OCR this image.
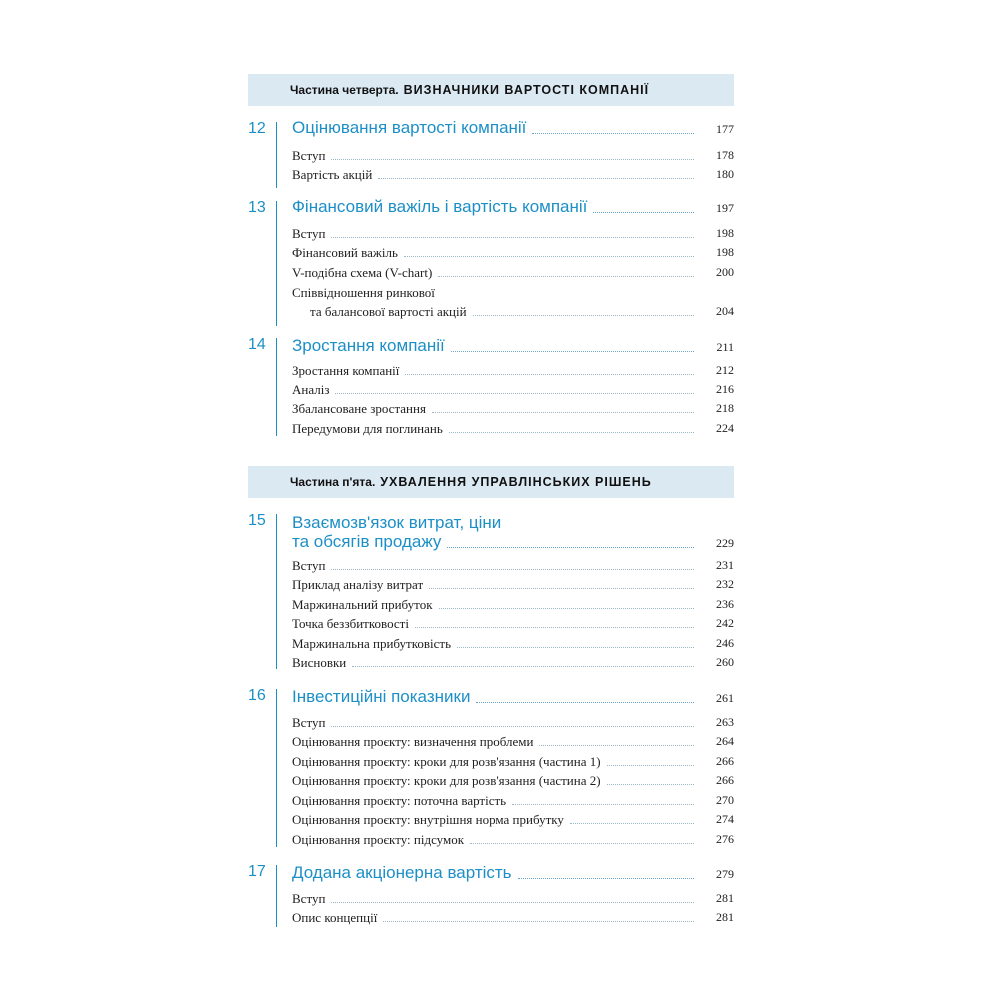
Частина четверта. ВИЗНАЧНИКИ ВАРТОСТІ КОМПАНІЇ
12 Оцінювання вартості компанії	177
Вступ	178
Вартість акцій	180
13 Фінансовий важіль і вартість компанії	197
Вступ	198
Фінансовий важіль	198
V-подібна схема (V-chart)	200
Співвідношення ринкової
та балансової вартості акцій	204
14 Зростання компанії	211
Зростання компанії	212
Аналіз	216
Збалансоване зростання	218
Передумови для поглинань	224
Частина п'ята. УХВАЛЕННЯ УПРАВЛІНСЬКИХ РІШЕНЬ
15 Взаємозв'язок витрат, ціни
та обсягів продажу	229
Вступ	231
Приклад аналізу витрат	232
Маржинальний прибуток	236
Точка беззбитковості	242
Маржинальна прибутковість	246
Висновки	260
16 Інвестиційні показники	261
Вступ	263
Оцінювання проєкту: визначення проблеми	264
Оцінювання проєкту: кроки для розв'язання (частина 1)	266
Оцінювання проєкту: кроки для розв'язання (частина 2)	266
Оцінювання проєкту: поточна вартість	270
Оцінювання проєкту: внутрішня норма прибутку	274
Оцінювання проєкту: підсумок	276
17 Додана акціонерна вартість	279
Вступ	281
Опис концепції	281
